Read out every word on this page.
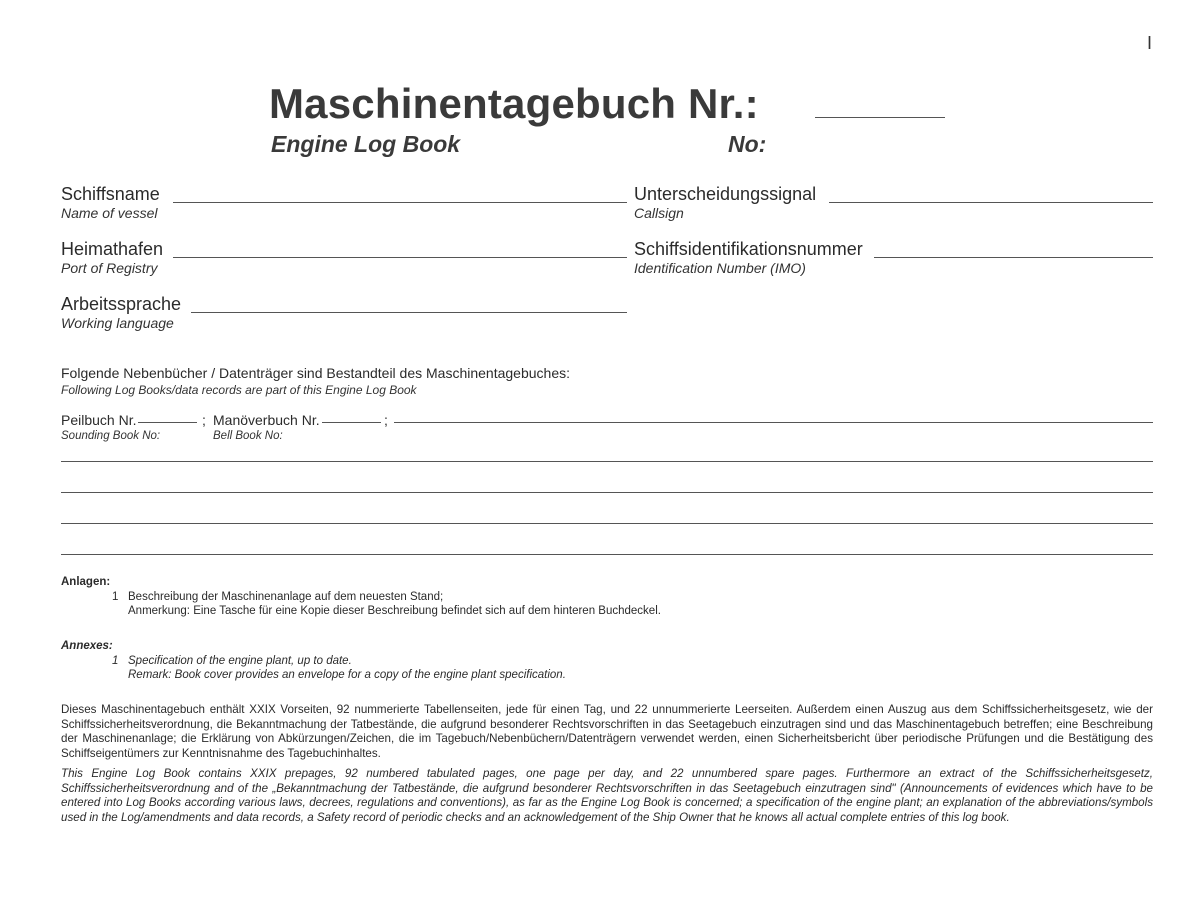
I
Maschinentagebuch Nr.:
Engine Log Book	No:
Schiffsname
Name of vessel
Unterscheidungssignal
Callsign
Heimathafen
Port of Registry
Schiffsidentifikationsnummer
Identification Number (IMO)
Arbeitssprache
Working language
Folgende Nebenbücher / Datenträger sind Bestandteil des Maschinentagebuches:
Following Log Books/data records are part of this Engine Log Book
Peilbuch Nr.	; Manöverbuch Nr.	;
Sounding Book No:	Bell Book No:
Anlagen:
1 Beschreibung der Maschinenanlage auf dem neuesten Stand;
Anmerkung: Eine Tasche für eine Kopie dieser Beschreibung befindet sich auf dem hinteren Buchdeckel.
Annexes:
1 Specification of the engine plant, up to date.
Remark: Book cover provides an envelope for a copy of the engine plant specification.
Dieses Maschinentagebuch enthält XXIX Vorseiten, 92 nummerierte Tabellenseiten, jede für einen Tag, und 22 unnummerierte Leerseiten. Außerdem einen Auszug aus dem Schiffssicherheitsgesetz, wie der Schiffssicherheitsverordnung, die Bekanntmachung der Tatbestände, die aufgrund besonderer Rechtsvorschriften in das Seetagebuch einzutragen sind und das Maschinentagebuch betreffen; eine Beschreibung der Maschinenanlage; die Erklärung von Abkürzungen/Zeichen, die im Tagebuch/Nebenbüchern/Datenträgern verwendet werden, einen Sicherheitsbericht über periodische Prüfungen und die Bestätigung des Schiffseigentümers zur Kenntnisnahme des Tagebuchinhaltes.
This Engine Log Book contains XXIX prepages, 92 numbered tabulated pages, one page per day, and 22 unnumbered spare pages. Furthermore an extract of the Schiffssicherheitsgesetz, Schiffssicherheitsverordnung and of the „Bekanntmachung der Tatbestände, die aufgrund besonderer Rechtsvorschriften in das Seetagebuch einzutragen sind" (Announcements of evidences which have to be entered into Log Books according various laws, decrees, regulations and conventions), as far as the Engine Log Book is concerned; a specification of the engine plant; an explanation of the abbreviations/symbols used in the Log/amendments and data records, a Safety record of periodic checks and an acknowledgement of the Ship Owner that he knows all actual complete entries of this log book.
